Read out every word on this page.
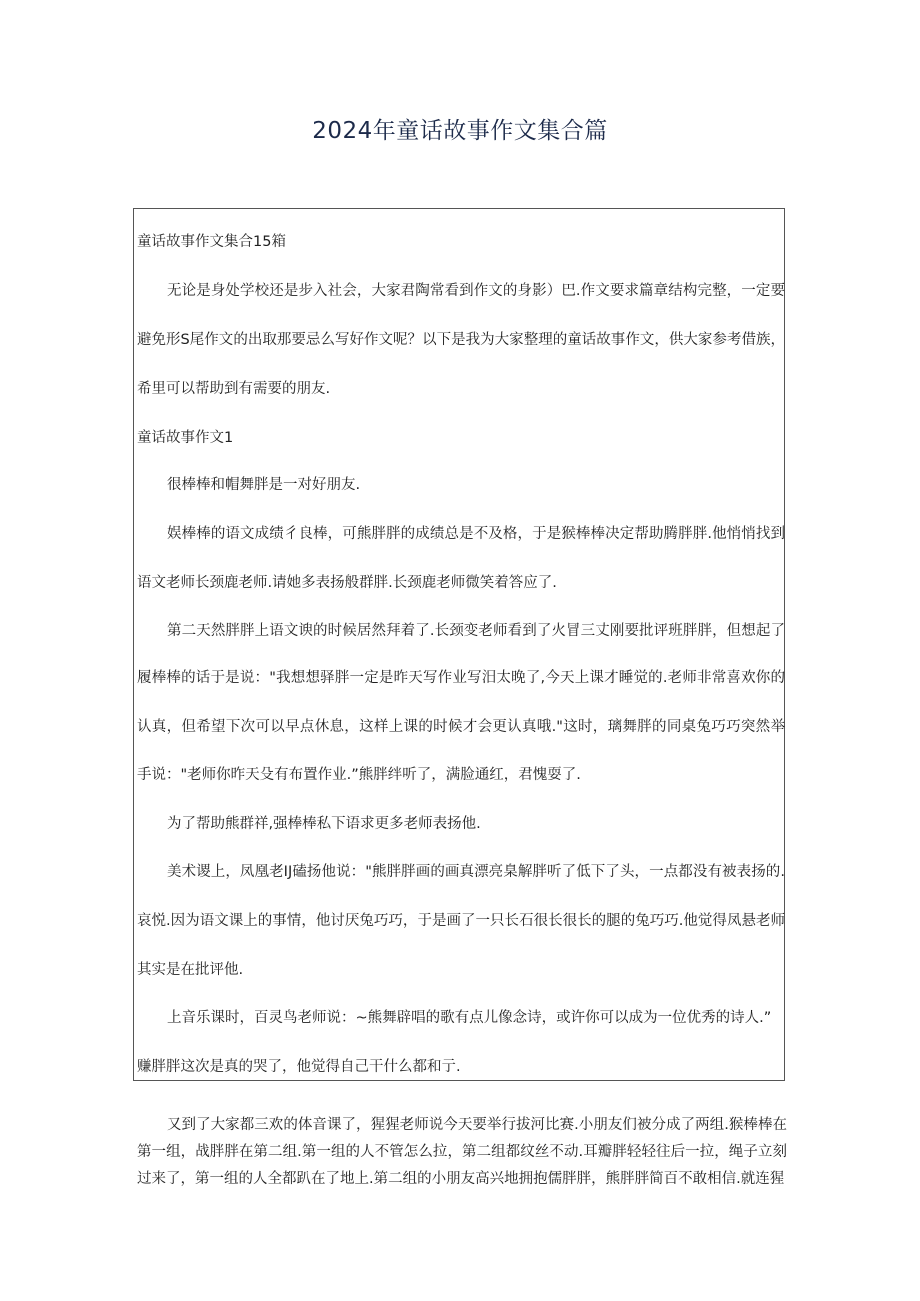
2024年童话故事作文集合篇
童话故事作文集合15箱
无论是身处学校还是步入社会，大家君陶常看到作文的身影）巴.作文要求篇章结构完整，一定要
避免形S尾作文的出取那要忌么写好作文呢？以下是我为大家整理的童话故事作文，供大家参考借族，
希里可以帮助到有需要的朋友.
童话故事作文1
很棒棒和帽舞胖是一对好朋友.
娱棒棒的语文成绩彳良棒，可熊胖胖的成绩总是不及格，于是猴棒棒决定帮助腾胖胖.他悄悄找到
语文老师长颈鹿老师.请她多表扬般群胖.长颈鹿老师微笑着答应了.
第二天然胖胖上语文谀的时候居然拜着了.长颈变老师看到了火冒三丈刚要批评班胖胖，但想起了
履棒棒的话于是说："我想想驿胖一定是昨天写作业写汨太晚了,今天上课才睡觉的.老师非常喜欢你的
认真，但希望下次可以早点休息，这样上课的时候才会更认真哦."这时，璃舞胖的同桌兔巧巧突然举
手说："老师你昨天殳有布置作业.”熊胖绊听了，满脸通红，君愧耍了.
为了帮助熊群祥,强棒棒私下语求更多老师表扬他.
美术谡上，凤凰老IJ磕扬他说："熊胖胖画的画真漂亮臬解胖听了低下了头，一点都没有被表扬的.
哀悦.因为语文课上的事情，他讨厌兔巧巧，于是画了一只长石很长很长的腿的兔巧巧.他觉得凤悬老师
其实是在批评他.
上音乐课时，百灵鸟老师说：~熊舞辟唱的歌有点儿像念诗，或许你可以成为一位优秀的诗人.”
赚胖胖这次是真的哭了，他觉得自己干什么都和亍.

又到了大家都三欢的体音课了，猩猩老师说今天要举行拔河比赛.小朋友们被分成了两组.猴棒棒在第一组，战胖胖在第二组.第一组的人不管怎么拉，第二组都纹丝不动.耳瓣胖轻轻往后一拉，绳子立刻过来了，第一组的人全都趴在了地上.第二组的小朋友高兴地拥抱儒胖胖，熊胖胖简百不敢相信.就连猩
